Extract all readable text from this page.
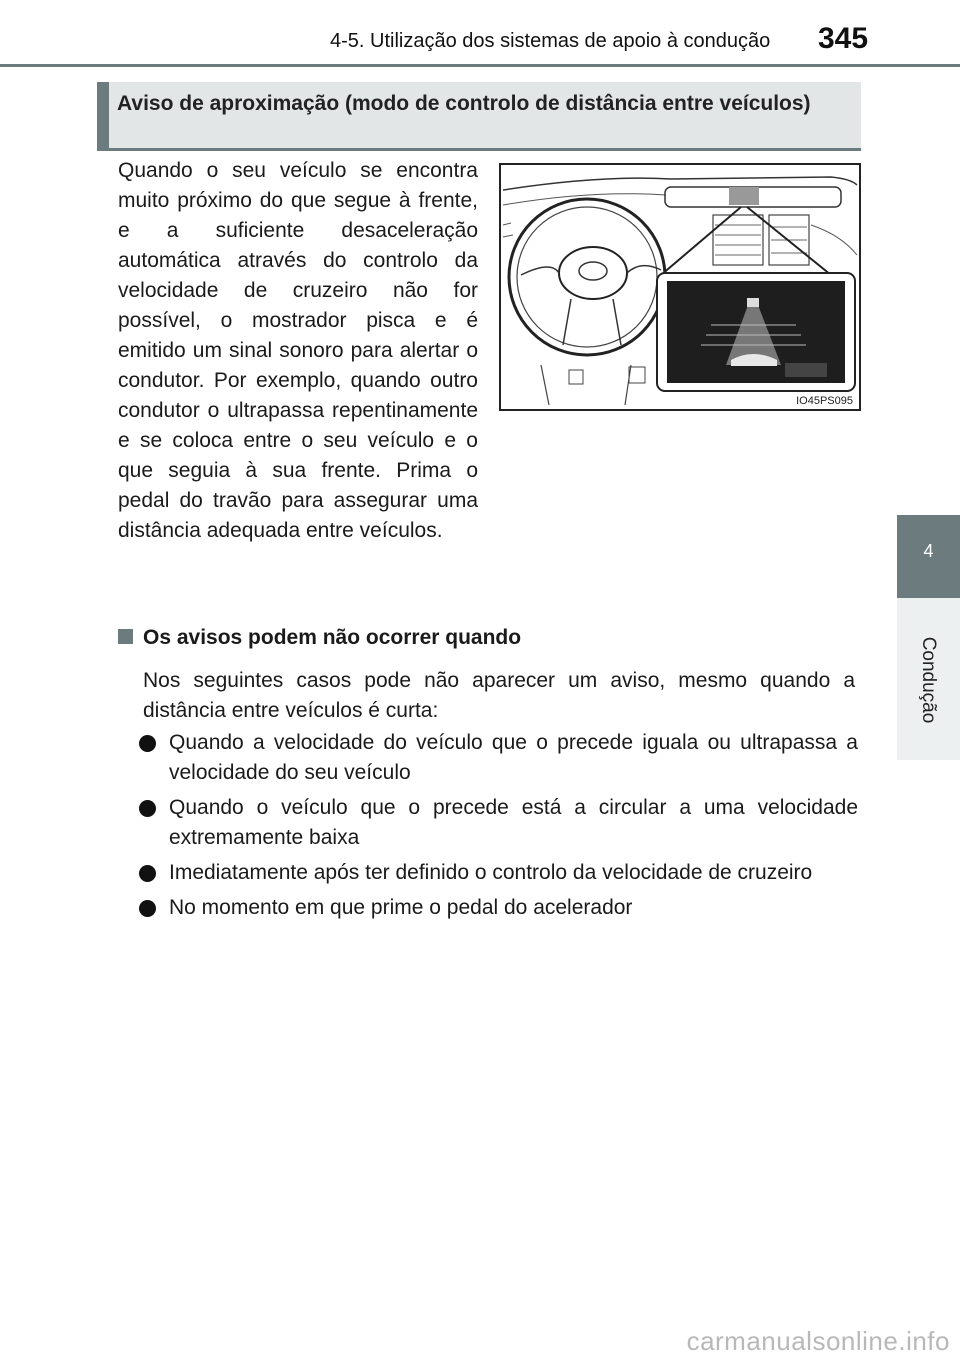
4-5. Utilização dos sistemas de apoio à condução	345
4
Condução
Aviso de aproximação (modo de controlo de distância entre veículos)
Quando o seu veículo se encontra muito próximo do que segue à frente, e a suficiente desaceleração automática através do controlo da velocidade de cruzeiro não for possível, o mostrador pisca e é emitido um sinal sonoro para alertar o condutor. Por exemplo, quando outro condutor o ultrapassa repentinamente e se coloca entre o seu veículo e o que seguia à sua frente. Prima o pedal do travão para assegurar uma distância adequada entre veículos.
IO45PS095
Os avisos podem não ocorrer quando
Nos seguintes casos pode não aparecer um aviso, mesmo quando a distância entre veículos é curta:
Quando a velocidade do veículo que o precede iguala ou ultrapassa a velocidade do seu veículo
Quando o veículo que o precede está a circular a uma velocidade extremamente baixa
Imediatamente após ter definido o controlo da velocidade de cruzeiro
No momento em que prime o pedal do acelerador
carmanualsonline.info
